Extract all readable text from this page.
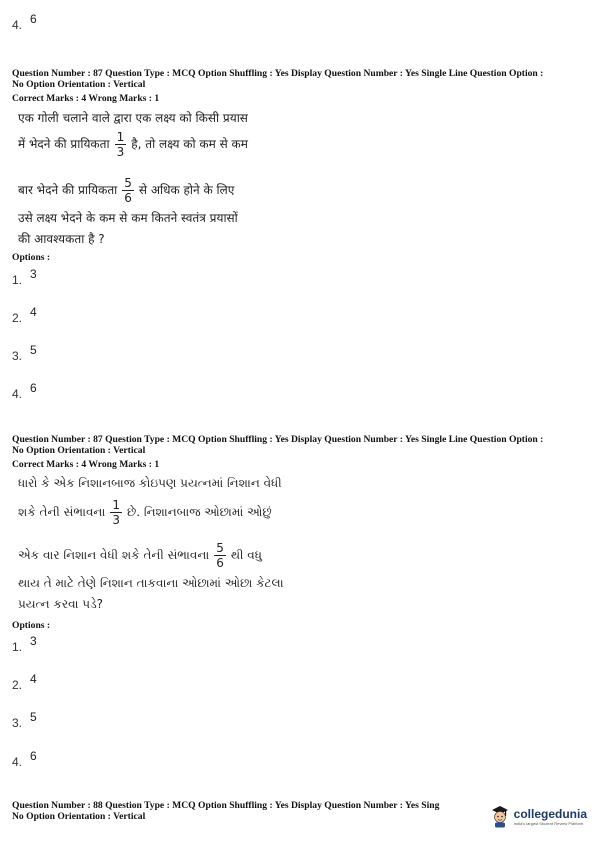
4. 6
Question Number : 87 Question Type : MCQ Option Shuffling : Yes Display Question Number : Yes Single Line Question Option :
No Option Orientation : Vertical
Correct Marks : 4 Wrong Marks : 1
एक गोली चलाने वाले द्वारा एक लक्ष्य को किसी प्रयास
में भेदने की प्रायिकता $\frac{1}{3}$ है, तो लक्ष्य को कम से कम
बार भेदने की प्रायिकता $\frac{5}{6}$ से अधिक होने के लिए
उसे लक्ष्य भेदने के कम से कम कितने स्वतंत्र प्रयासों
की आवश्यकता है ?
Options :
1. 3
2. 4
3. 5
4. 6
Question Number : 87 Question Type : MCQ Option Shuffling : Yes Display Question Number : Yes Single Line Question Option :
No Option Orientation : Vertical
Correct Marks : 4 Wrong Marks : 1
ધારો કે એક નિશાનબાજ કોઇપણ પ્રયત્નમાં નિશાન વેધી
શકે તેની સંભાવના $\frac{1}{3}$ છે. નિશાનબાજ ઓછામાં ઓછું
એક વાર નિશાન વેધી શકે તેની સંભાવના $\frac{5}{6}$ થી વધુ
થાય તે માટે તેણે નિશાન તાકવાના ઓછામાં ઓછા કેટલા
પ્રયત્ન કરવા પડે?
Options :
1. 3
2. 4
3. 5
4. 6
Question Number : 88 Question Type : MCQ Option Shuffling : Yes Display Question Number : Yes Sing
No Option Orientation : Vertical	collegedunia
India's largest Student Review Platform
